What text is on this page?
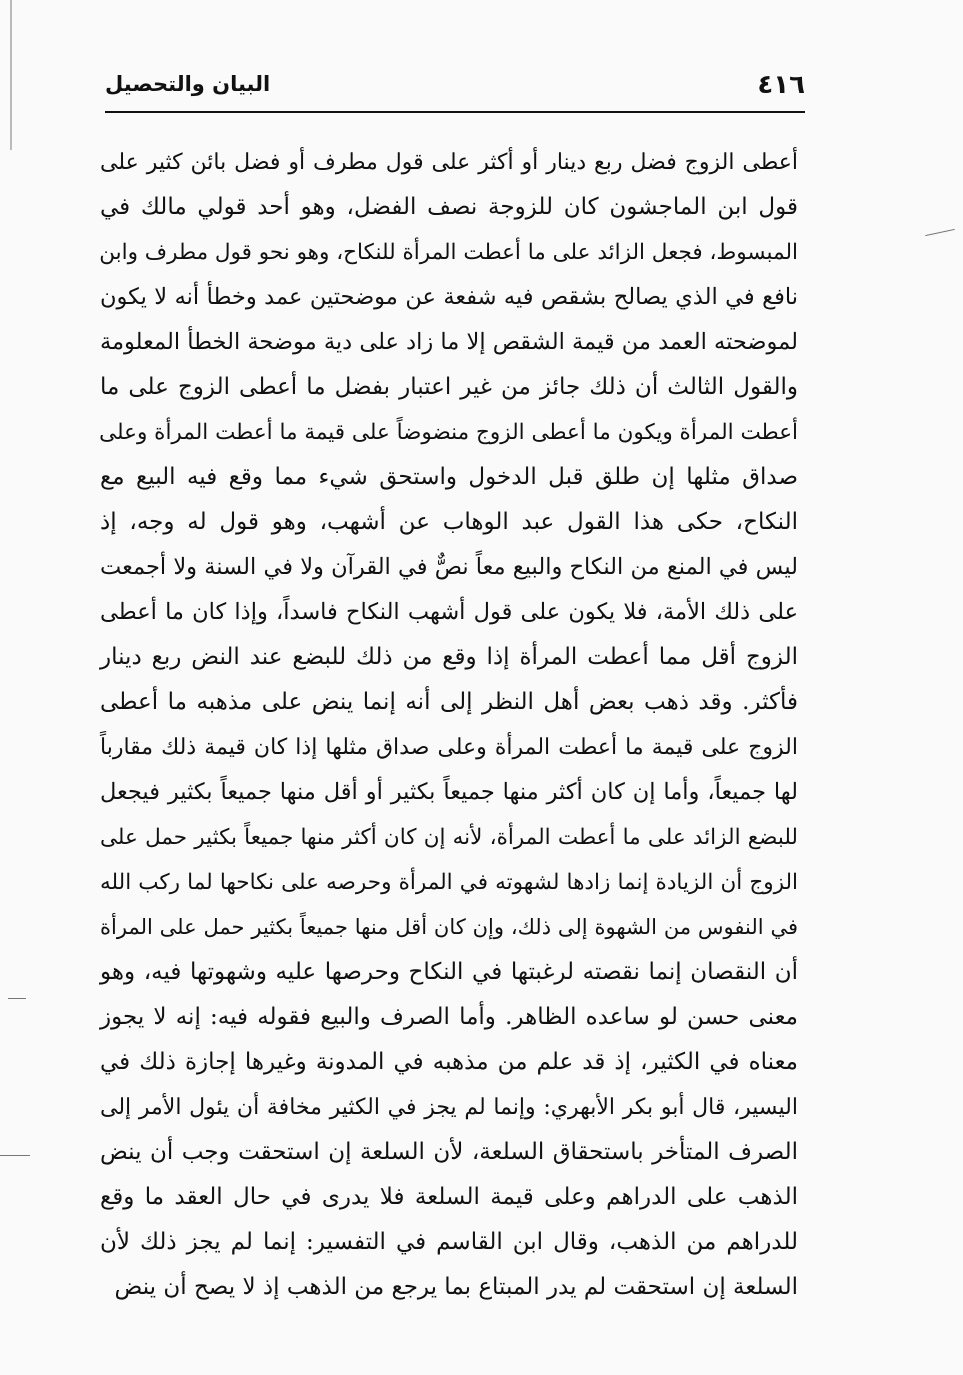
٤١٦
البيان والتحصيل
أعطى الزوج فضل ربع دينار أو أكثر على قول مطرف أو فضل بائن كثير على
قول ابن الماجشون كان للزوجة نصف الفضل، وهو أحد قولي مالك في
المبسوط، فجعل الزائد على ما أعطت المرأة للنكاح، وهو نحو قول مطرف وابن
نافع في الذي يصالح بشقص فيه شفعة عن موضحتين عمد وخطأ أنه لا يكون
لموضحته العمد من قيمة الشقص إلا ما زاد على دية موضحة الخطأ المعلومة
والقول الثالث أن ذلك جائز من غير اعتبار بفضل ما أعطى الزوج على ما
أعطت المرأة ويكون ما أعطى الزوج منضوضاً على قيمة ما أعطت المرأة وعلى
صداق مثلها إن طلق قبل الدخول واستحق شيء مما وقع فيه البيع مع
النكاح، حكى هذا القول عبد الوهاب عن أشهب، وهو قول له وجه، إذ
ليس في المنع من النكاح والبيع معاً نصٌّ في القرآن ولا في السنة ولا أجمعت
على ذلك الأمة، فلا يكون على قول أشهب النكاح فاسداً، وإذا كان ما أعطى
الزوج أقل مما أعطت المرأة إذا وقع من ذلك للبضع عند النض ربع دينار
فأكثر. وقد ذهب بعض أهل النظر إلى أنه إنما ينض على مذهبه ما أعطى
الزوج على قيمة ما أعطت المرأة وعلى صداق مثلها إذا كان قيمة ذلك مقارباً
لها جميعاً، وأما إن كان أكثر منها جميعاً بكثير أو أقل منها جميعاً بكثير فيجعل
للبضع الزائد على ما أعطت المرأة، لأنه إن كان أكثر منها جميعاً بكثير حمل على
الزوج أن الزيادة إنما زادها لشهوته في المرأة وحرصه على نكاحها لما ركب الله
في النفوس من الشهوة إلى ذلك، وإن كان أقل منها جميعاً بكثير حمل على المرأة
أن النقصان إنما نقصته لرغبتها في النكاح وحرصها عليه وشهوتها فيه، وهو
معنى حسن لو ساعده الظاهر. وأما الصرف والبيع فقوله فيه: إنه لا يجوز
معناه في الكثير، إذ قد علم من مذهبه في المدونة وغيرها إجازة ذلك في
اليسير، قال أبو بكر الأبهري: وإنما لم يجز في الكثير مخافة أن يئول الأمر إلى
الصرف المتأخر باستحقاق السلعة، لأن السلعة إن استحقت وجب أن ينض
الذهب على الدراهم وعلى قيمة السلعة فلا يدرى في حال العقد ما وقع
للدراهم من الذهب، وقال ابن القاسم في التفسير: إنما لم يجز ذلك لأن
السلعة إن استحقت لم يدر المبتاع بما يرجع من الذهب إذ لا يصح أن ينض
